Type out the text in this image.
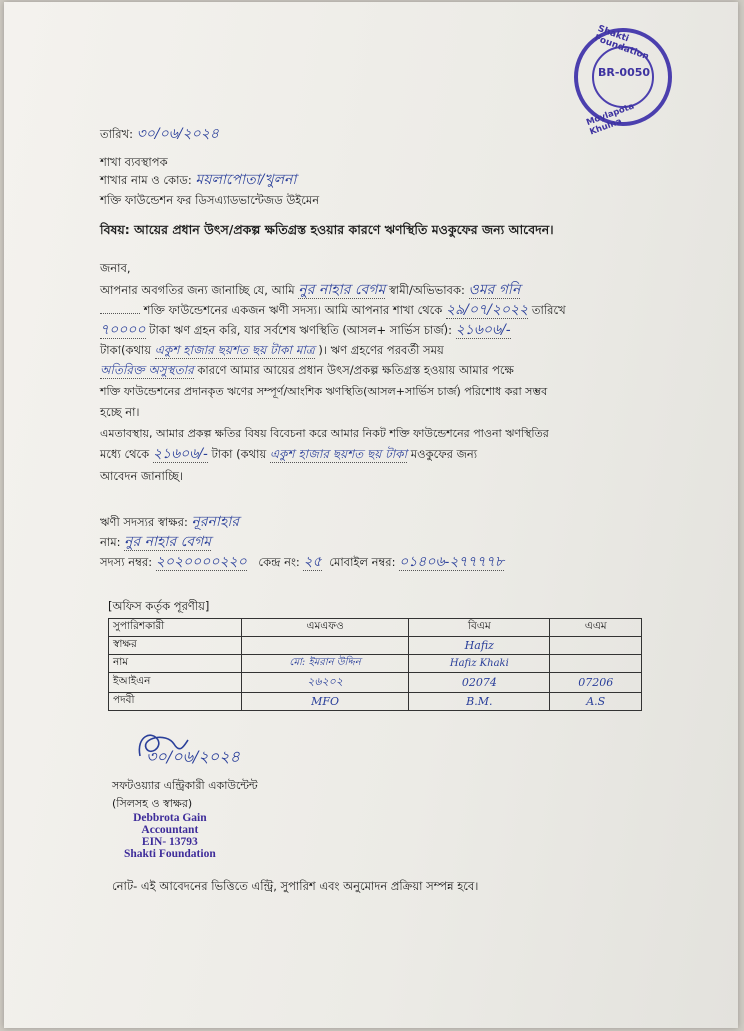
Shakti Foundation
BR-0050
Moylapota Khulna
তারিখ: ৩০/০৬/২০২৪
শাখা ব্যবস্থাপক
শাখার নাম ও কোড: ময়লাপোতা/খুলনা
শক্তি ফাউন্ডেশন ফর ডিসএ্যাডভান্টেজড উইমেন
বিষয়: আয়ের প্রধান উৎস/প্রকল্প ক্ষতিগ্রস্ত হওয়ার কারণে ঋণস্থিতি মওকুফের জন্য আবেদন।
জনাব,
আপনার অবগতির জন্য জানাচ্ছি যে, আমি নুর নাহার বেগম স্বামী/অভিভাবক: ওমর গনি
শক্তি ফাউন্ডেশনের একজন ঋণী সদস্য। আমি আপনার শাখা থেকে ২৯/০৭/২০২২ তারিখে
৭০০০০ টাকা ঋণ গ্রহন করি, যার সর্বশেষ ঋণস্থিতি (আসল+ সার্ভিস চার্জ): ২১৬০৬/-
টাকা(কথায় একুশ হাজার ছয়শত ছয় টাকা মাত্র )। ঋণ গ্রহণের পরবর্তী সময়
অতিরিক্ত অসুস্থতার কারণে আমার আয়ের প্রধান উৎস/প্রকল্প ক্ষতিগ্রস্ত হওয়ায় আমার পক্ষে
শক্তি ফাউন্ডেশনের প্রদানকৃত ঋণের সম্পূর্ণ/আংশিক ঋণস্থিতি(আসল+সার্ভিস চার্জ) পরিশোধ করা সম্ভব
হচ্ছে না।
এমতাবস্থায়, আমার প্রকল্প ক্ষতির বিষয় বিবেচনা করে আমার নিকট শক্তি ফাউন্ডেশনের পাওনা ঋণস্থিতির
মধ্যে থেকে ২১৬০৬/- টাকা (কথায় একুশ হাজার ছয়শত ছয় টাকা মওকুফের জন্য
আবেদন জানাচ্ছি।
ঋণী সদস্যর স্বাক্ষর: নূরনাহার
নাম: নুর নাহার বেগম
সদস্য নম্বর: ২০২০০০০২২০ কেন্দ্র নং: ২৫ মোবাইল নম্বর: ০১৪০৬-২৭৭৭৭৮
[অফিস কর্তৃক পূরণীয়]
সুপারিশকারী	এমএফও	বিএম	এএম
স্বাক্ষর		Hafiz	
নাম	মো: ইমরান উদ্দিন	Hafiz Khaki	
ইআইএন	২৬২০২	02074	07206
পদবী	MFO	B.M.	A.S
৩০/০৬/২০২৪
সফটওয়্যার এন্ট্রিকারী একাউন্টেন্ট
(সিলসহ ও স্বাক্ষর)
Debbrota Gain
Accountant
EIN- 13793
Shakti Foundation
নোট- এই আবেদনের ভিত্তিতে এন্ট্রি, সুপারিশ এবং অনুমোদন প্রক্রিয়া সম্পন্ন হবে।
